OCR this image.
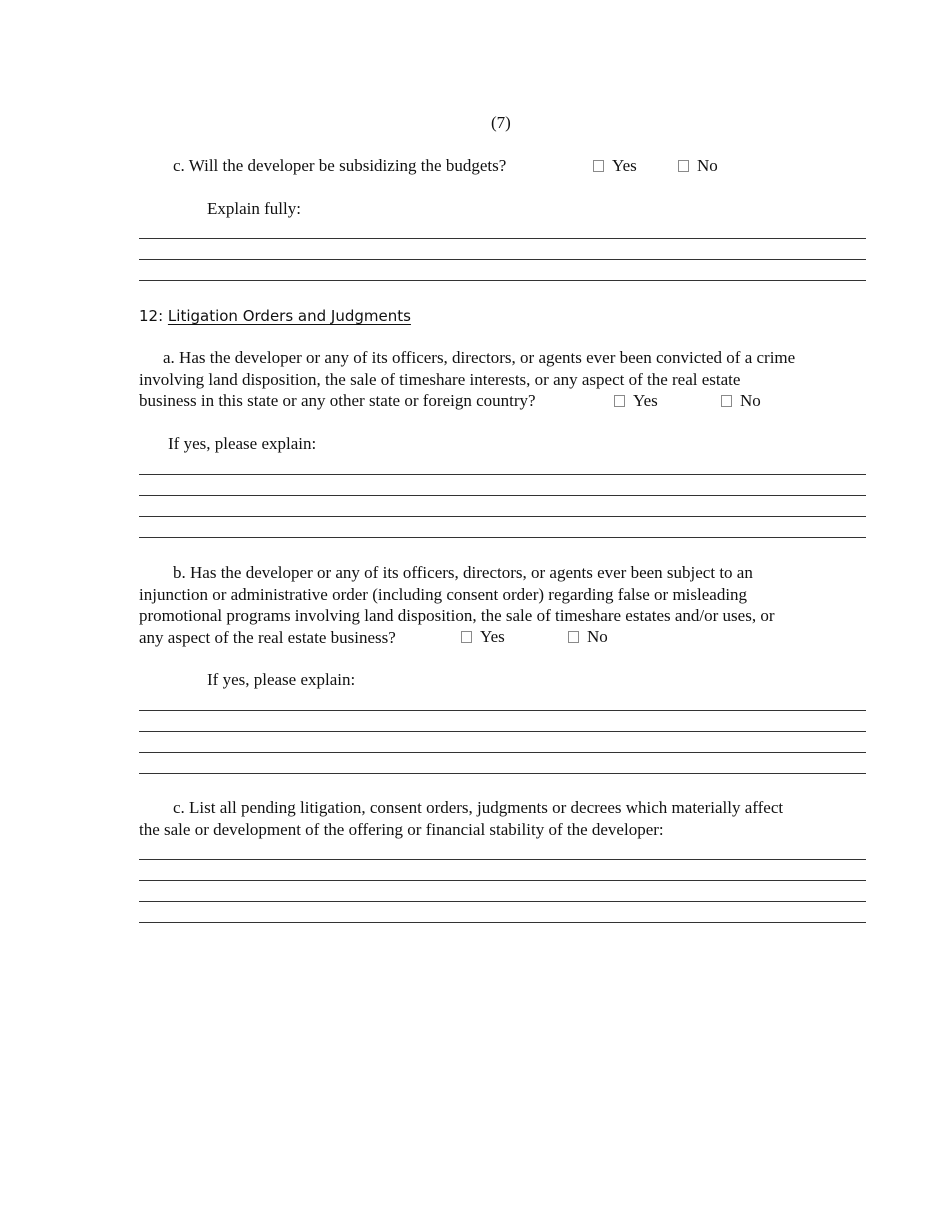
(7)
c. Will the developer be subsidizing the budgets?	Yes	No
Explain fully:
12: Litigation Orders and Judgments
a. Has the developer or any of its officers, directors, or agents ever been convicted of a crime
involving land disposition, the sale of timeshare interests, or any aspect of the real estate
business in this state or any other state or foreign country?	Yes	No
If yes, please explain:
b. Has the developer or any of its officers, directors, or agents ever been subject to an
injunction or administrative order (including consent order) regarding false or misleading
promotional programs involving land disposition, the sale of timeshare estates and/or uses, or
any aspect of the real estate business?	Yes	No
If yes, please explain:
c. List all pending litigation, consent orders, judgments or decrees which materially affect
the sale or development of the offering or financial stability of the developer:
